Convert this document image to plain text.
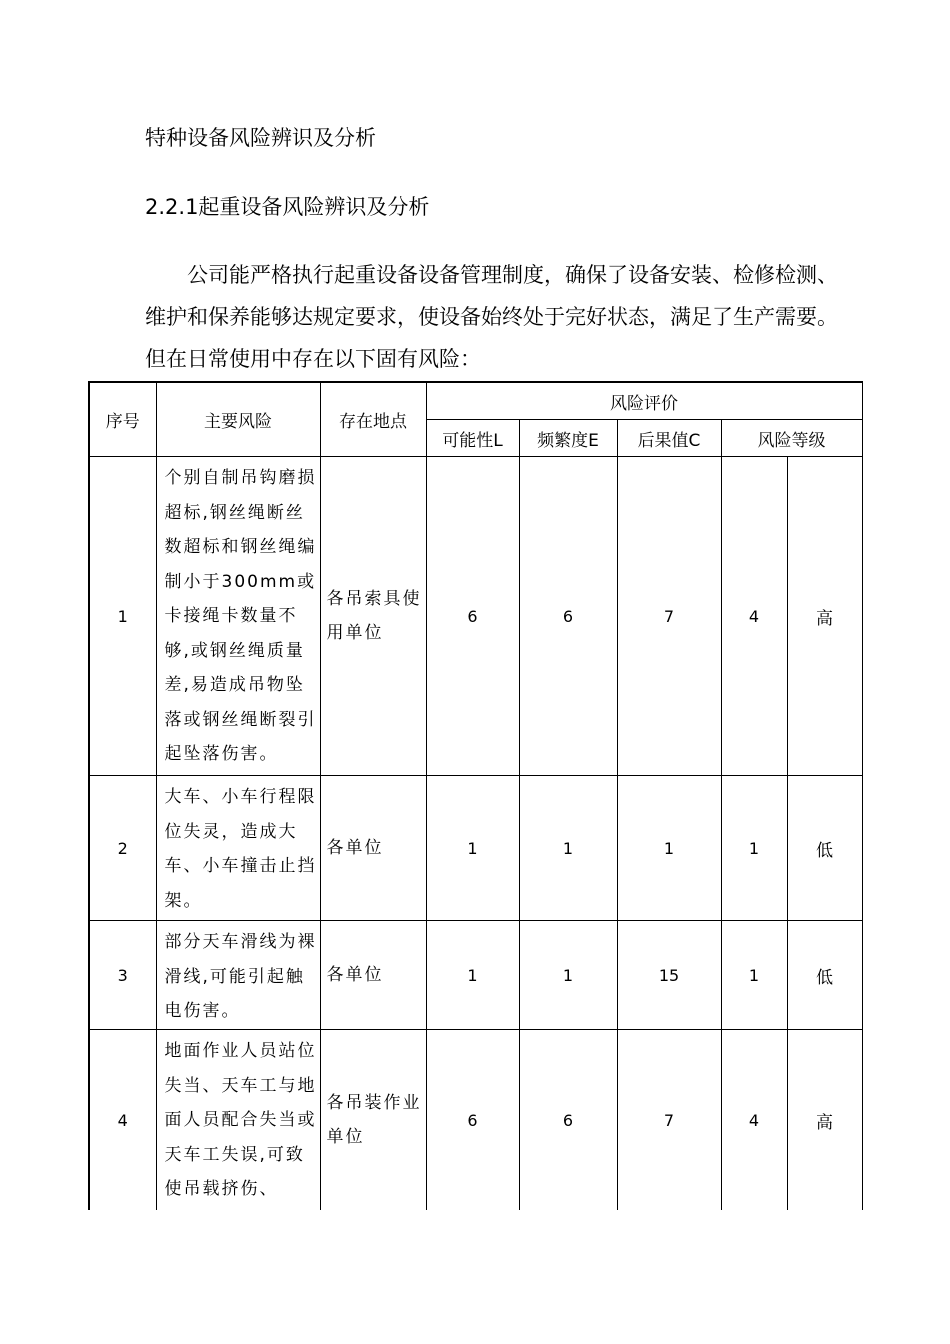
特种设备风险辨识及分析
2.2.1起重设备风险辨识及分析

公司能严格执行起重设备设备管理制度，确保了设备安装、检修检测、维护和保养能够达规定要求，使设备始终处于完好状态，满足了生产需要。但在日常使用中存在以下固有风险：

序号	主要风险	存在地点	风险评价				
			可能性L	频繁度E	后果值C	风险等级	
1	个别自制吊钩磨损超标,钢丝绳断丝数超标和钢丝绳编制小于300mm或卡接绳卡数量不够,或钢丝绳质量差,易造成吊物坠落或钢丝绳断裂引起坠落伤害。	各吊索具使用单位	6	6	7	4	高
2	大车、小车行程限位失灵，造成大车、小车撞击止挡架。	各单位	1	1	1	1	低
3	部分天车滑线为裸滑线,可能引起触电伤害。	各单位	1	1	15	1	低
4	地面作业人员站位失当、天车工与地面人员配合失当或天车工失误,可致使吊载挤伤、	各吊装作业单位	6	6	7	4	高
